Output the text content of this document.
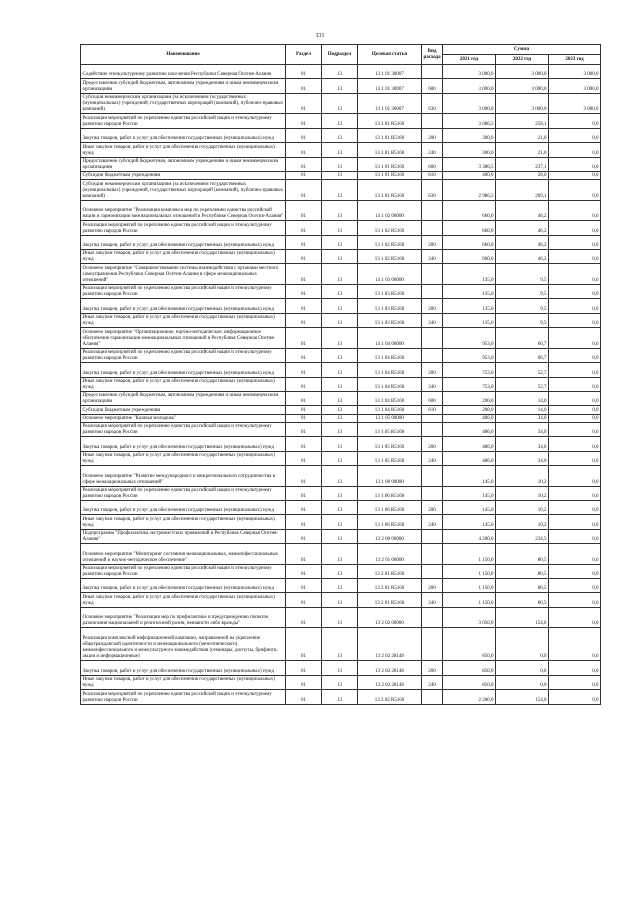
331
Наименование	Раздел	Подраздел	Целевая статья	Вид расхода	Сумма		
					2021 год	2022 год	2023 год
Содействие этнокультурному развитию населения Республики Северная Осетия-Алания	01	13	13 1 01 30007		3 000,0	3 000,0	3 000,0
Предоставление субсидий бюджетным, автономным учреждениям и иным некоммерческим организациям	01	13	13 1 01 30007	600	3 000,0	3 000,0	3 000,0
Субсидии некоммерческим организациям (за исключением государственных (муниципальных) учреждений, государственных корпораций (компаний), публично-правовых компаний)	01	13	13 1 01 30007	630	3 000,0	3 000,0	3 000,0
Реализация мероприятий по укреплению единства российской нации и этнокультурному развитию народов России	01	13	13 1 01 R5160		3 686,5	258,1	0,0
Закупка товаров, работ и услуг для обеспечения государственных (муниципальных) нужд	01	13	13 1 01 R5160	200	300,0	21,0	0,0
Иные закупки товаров, работ и услуг для обеспечения государственных (муниципальных) нужд	01	13	13 1 01 R5160	240	300,0	21,0	0,0
Предоставление субсидий бюджетным, автономным учреждениям и иным некоммерческим организациям	01	13	13 1 01 R5160	600	3 386,5	237,1	0,0
Субсидии бюджетным учреждениям	01	13	13 1 01 R5160	610	400,0	28,0	0,0
Субсидии некоммерческим организациям (за исключением государственных (муниципальных) учреждений, государственных корпораций (компаний), публично-правовых компаний)	01	13	13 1 01 R5160	630	2 986,5	209,1	0,0
Основное мероприятие "Реализация комплекса мер по укреплению единства российской нации и гармонизации межнациональных отношений в Республике Северная Осетия-Алания"	01	13	13 1 02 00000		660,0	46,2	0,0
Реализация мероприятий по укреплению единства российской нации и этнокультурному развитию народов России	01	13	13 1 02 R5160		660,0	46,2	0,0
Закупка товаров, работ и услуг для обеспечения государственных (муниципальных) нужд	01	13	13 1 02 R5160	200	660,0	46,2	0,0
Иные закупки товаров, работ и услуг для обеспечения государственных (муниципальных) нужд	01	13	13 1 02 R5160	240	660,0	46,2	0,0
Основное мероприятие "Совершенствование системы взаимодействия с органами местного самоуправления Республики Северная Осетия-Алания в сфере межнациональных отношений"	01	13	13 1 03 00000		135,0	9,5	0,0
Реализация мероприятий по укреплению единства российской нации и этнокультурному развитию народов России	01	13	13 1 03 R5160		135,0	9,5	0,0
Закупка товаров, работ и услуг для обеспечения государственных (муниципальных) нужд	01	13	13 1 03 R5160	200	135,0	9,5	0,0
Иные закупки товаров, работ и услуг для обеспечения государственных (муниципальных) нужд	01	13	13 1 03 R5160	240	135,0	9,5	0,0
Основное мероприятие "Организационное, научно-методическое, информационное обеспечение гармонизации межнациональных отношений в Республике Северная Осетия-Алания"	01	13	13 1 04 00000		953,0	66,7	0,0
Реализация мероприятий по укреплению единства российской нации и этнокультурному развитию народов России	01	13	13 1 04 R5160		953,0	66,7	0,0
Закупка товаров, работ и услуг для обеспечения государственных (муниципальных) нужд	01	13	13 1 04 R5160	200	753,0	52,7	0,0
Иные закупки товаров, работ и услуг для обеспечения государственных (муниципальных) нужд	01	13	13 1 04 R5160	240	753,0	52,7	0,0
Предоставление субсидий бюджетным, автономным учреждениям и иным некоммерческим организациям	01	13	13 1 04 R5160	600	200,0	14,0	0,0
Субсидии бюджетным учреждениям	01	13	13 1 04 R5160	610	200,0	14,0	0,0
Основное мероприятие "Казачья молодежь"	01	13	13 1 05 00000		486,0	34,0	0,0
Реализация мероприятий по укреплению единства российской нации и этнокультурному развитию народов России	01	13	13 1 05 R5160		486,0	34,0	0,0
Закупка товаров, работ и услуг для обеспечения государственных (муниципальных) нужд	01	13	13 1 05 R5160	200	486,0	34,0	0,0
Иные закупки товаров, работ и услуг для обеспечения государственных (муниципальных) нужд	01	13	13 1 05 R5160	240	486,0	34,0	0,0
Основное мероприятие "Развитие международного и межрегионального сотрудничества в сфере межнациональных отношений"	01	13	13 1 06 00000		145,0	10,2	0,0
Реализация мероприятий по укреплению единства российской нации и этнокультурному развитию народов России	01	13	13 1 06 R5160		145,0	10,2	0,0
Закупка товаров, работ и услуг для обеспечения государственных (муниципальных) нужд	01	13	13 1 06 R5160	200	145,0	10,2	0,0
Иные закупки товаров, работ и услуг для обеспечения государственных (муниципальных) нужд	01	13	13 1 06 R5160	240	145,0	10,2	0,0
Подпрограмма "Профилактика экстремистских проявлений в Республике Северная Осетия-Алания"	01	13	13 2 00 00000		4 200,0	234,5	0,0
Основное мероприятие "Мониторинг состояния межнациональных, межконфессиональных отношений и научно-методическое обеспечение"	01	13	13 2 01 00000		1 150,0	80,5	0,0
Реализация мероприятий по укреплению единства российской нации и этнокультурному развитию народов России	01	13	13 2 01 R5160		1 150,0	80,5	0,0
Закупка товаров, работ и услуг для обеспечения государственных (муниципальных) нужд	01	13	13 2 01 R5160	200	1 150,0	80,5	0,0
Иные закупки товаров, работ и услуг для обеспечения государственных (муниципальных) нужд	01	13	13 2 01 R5160	240	1 150,0	80,5	0,0
Основное мероприятие "Реализация мер по профилактике и предупреждению попыток разжигания национальной и религиозной розни, ненависти либо вражды"	01	13	13 2 02 00000		3 050,0	154,0	0,0
Реализация комплексной информационной кампании, направленной на укрепление общегражданской идентичности и межнационального (межэтнического), межконфессионального и межкультурного взаимодействия (семинары, диспуты, брифинги, акции и информационные)	01	13	13 2 02 28148		850,0	0,0	0,0
Закупка товаров, работ и услуг для обеспечения государственных (муниципальных) нужд	01	13	13 2 02 28148	200	850,0	0,0	0,0
Иные закупки товаров, работ и услуг для обеспечения государственных (муниципальных) нужд	01	13	13 2 02 28148	240	850,0	0,0	0,0
Реализация мероприятий по укреплению единства российской нации и этнокультурному развитию народов России	01	13	13 2 02 R5160		2 200,0	154,0	0,0
